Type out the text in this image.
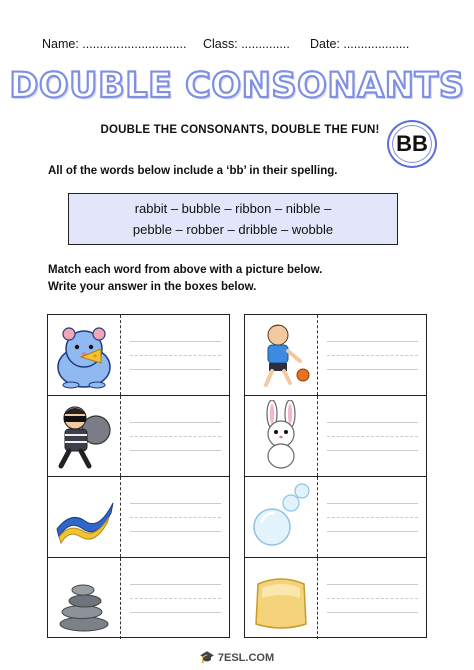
Name: .............................. Class: .............. Date: ...................
DOUBLE CONSONANTS
DOUBLE THE CONSONANTS, DOUBLE THE FUN!
BB
All of the words below include a ‘bb’ in their spelling.
rabbit – bubble – ribbon – nibble –
pebble – robber – dribble – wobble
Match each word from above with a picture below.
Write your answer in the boxes below.
🎓 7ESL.COM
